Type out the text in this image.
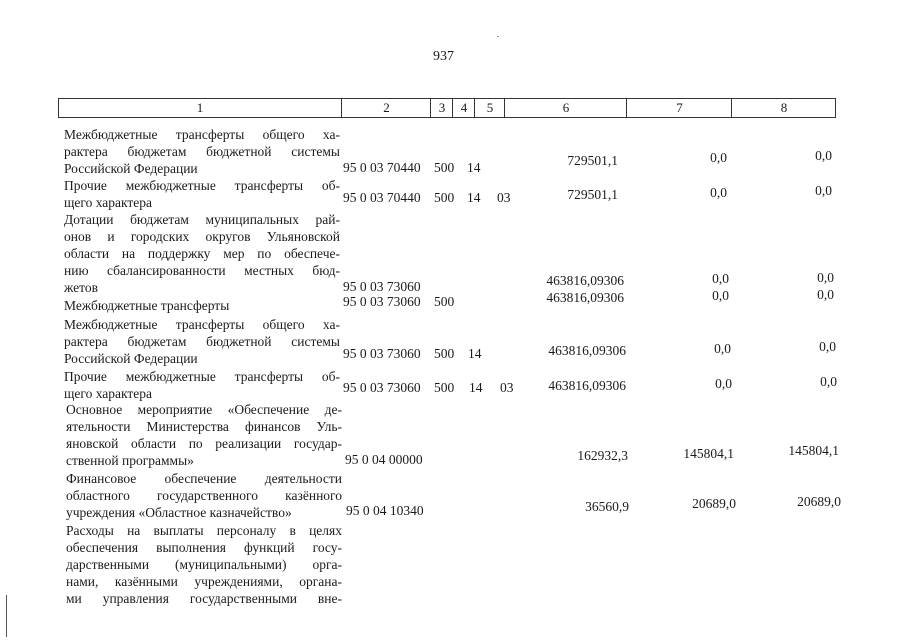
937
1	2	3	4	5	6	7	8
Межбюджетные трансферты общего ха-
рактера бюджетам бюджетной системы
Российской Федерации	95 0 03 70440 500 14	729501,1	0,0	0,0
Прочие межбюджетные трансферты об-
щего характера	95 0 03 70440 500 14 03	729501,1	0,0	0,0
Дотации бюджетам муниципальных рай-
онов и городских округов Ульяновской
области на поддержку мер по обеспече-
нию сбалансированности местных бюд-
жетов	95 0 03 73060	463816,09306	0,0	0,0
Межбюджетные трансферты	95 0 03 73060 500	463816,09306	0,0	0,0
Межбюджетные трансферты общего ха-
рактера бюджетам бюджетной системы
Российской Федерации	95 0 03 73060 500 14	463816,09306	0,0	0,0
Прочие межбюджетные трансферты об-
щего характера	95 0 03 73060 500 14 03	463816,09306	0,0	0,0
Основное мероприятие «Обеспечение де-
ятельности Министерства финансов Уль-
яновской области по реализации государ-
ственной программы»	95 0 04 00000	162932,3	145804,1	145804,1
Финансовое обеспечение деятельности
областного государственного казённого
учреждения «Областное казначейство»	95 0 04 10340	36560,9	20689,0	20689,0
Расходы на выплаты персоналу в целях
обеспечения выполнения функций госу-
дарственными (муниципальными) орга-
нами, казёнными учреждениями, органа-
ми управления государственными вне-
